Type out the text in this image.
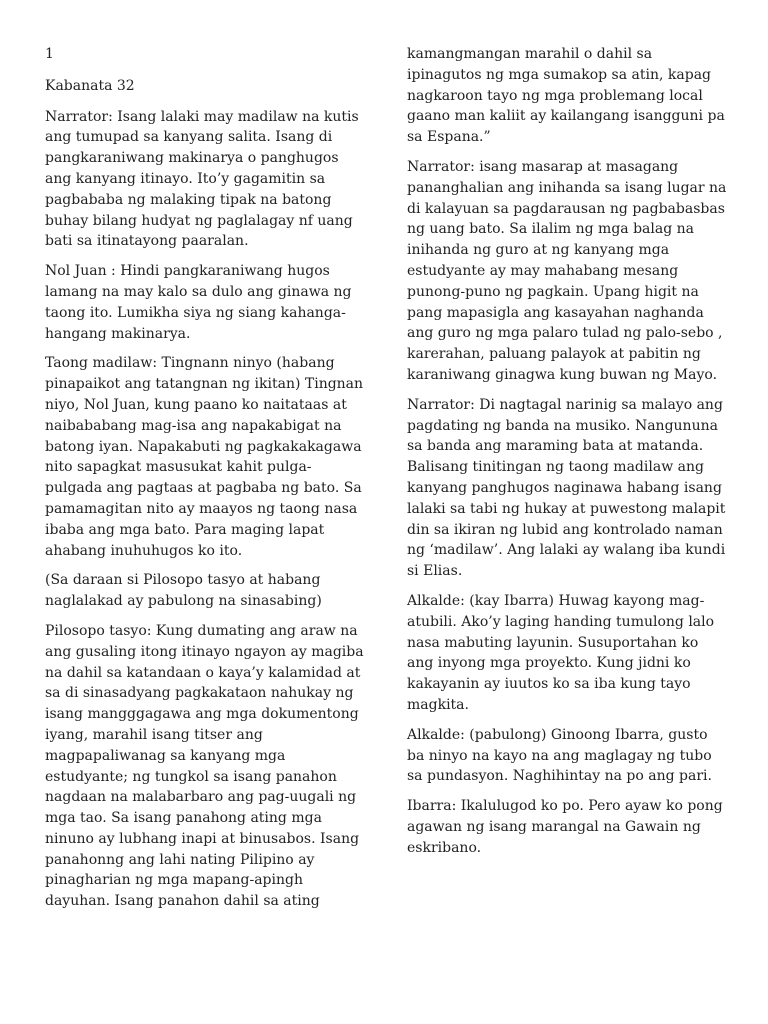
1

Kabanata 32

Narrator: Isang lalaki may madilaw na kutis ang tumupad sa kanyang salita. Isang di pangkaraniwang makinarya o panghugos ang kanyang itinayo. Ito’y gagamitin sa pagbababa ng malaking tipak na batong buhay bilang hudyat ng paglalagay nf uang bati sa itinatayong paaralan.

Nol Juan : Hindi pangkaraniwang hugos lamang na may kalo sa dulo ang ginawa ng taong ito. Lumikha siya ng siang kahanga-hangang makinarya.

Taong madilaw: Tingnann ninyo (habang pinapaikot ang tatangnan ng ikitan) Tingnan niyo, Nol Juan, kung paano ko naitataas at naibababang mag-isa ang napakabigat na batong iyan. Napakabuti ng pagkakakagawa nito sapagkat masusukat kahit pulga-pulgada ang pagtaas at pagbaba ng bato. Sa pamamagitan nito ay maayos ng taong nasa ibaba ang mga bato. Para maging lapat ahabang inuhuhugos ko ito.

(Sa daraan si Pilosopo tasyo at habang naglalakad ay pabulong na sinasabing)

Pilosopo tasyo: Kung dumating ang araw na ang gusaling itong itinayo ngayon ay magiba na dahil sa katandaan o kaya’y kalamidad at sa di sinasadyang pagkakataon nahukay ng isang mangggagawa ang mga dokumentong iyang, marahil isang titser ang magpapaliwanag sa kanyang mga estudyante; ng tungkol sa isang panahon nagdaan na malabarbaro ang pag-uugali ng mga tao. Sa isang panahong ating mga ninuno ay lubhang inapi at binusabos. Isang panahonng ang lahi nating Pilipino ay pinagharian ng mga mapang-apingh dayuhan. Isang panahon dahil sa ating

kamangmangan marahil o dahil sa ipinagutos ng mga sumakop sa atin, kapag nagkaroon tayo ng mga problemang local gaano man kaliit ay kailangang isangguni pa sa Espana.”

Narrator: isang masarap at masagang pananghalian ang inihanda sa isang lugar na di kalayuan sa pagdarausan ng pagbabasbas ng uang bato. Sa ilalim ng mga balag na inihanda ng guro at ng kanyang mga estudyante ay may mahabang mesang punong-puno ng pagkain. Upang higit na pang mapasigla ang kasayahan naghanda ang guro ng mga palaro tulad ng palo-sebo , karerahan, paluang palayok at pabitin ng karaniwang ginagwa kung buwan ng Mayo.

Narrator: Di nagtagal narinig sa malayo ang pagdating ng banda na musiko. Nangununa sa banda ang maraming bata at matanda. Balisang tinitingan ng taong madilaw ang kanyang panghugos naginawa habang isang lalaki sa tabi ng hukay at puwestong malapit din sa ikiran ng lubid ang kontrolado naman ng ‘madilaw’. Ang lalaki ay walang iba kundi si Elias.

Alkalde: (kay Ibarra) Huwag kayong mag-atubili. Ako’y laging handing tumulong lalo nasa mabuting layunin. Susuportahan ko ang inyong mga proyekto. Kung jidni ko kakayanin ay iuutos ko sa iba kung tayo magkita.

Alkalde: (pabulong) Ginoong Ibarra, gusto ba ninyo na kayo na ang maglagay ng tubo sa pundasyon. Naghihintay na po ang pari.

Ibarra: Ikalulugod ko po. Pero ayaw ko pong agawan ng isang marangal na Gawain ng eskribano.
